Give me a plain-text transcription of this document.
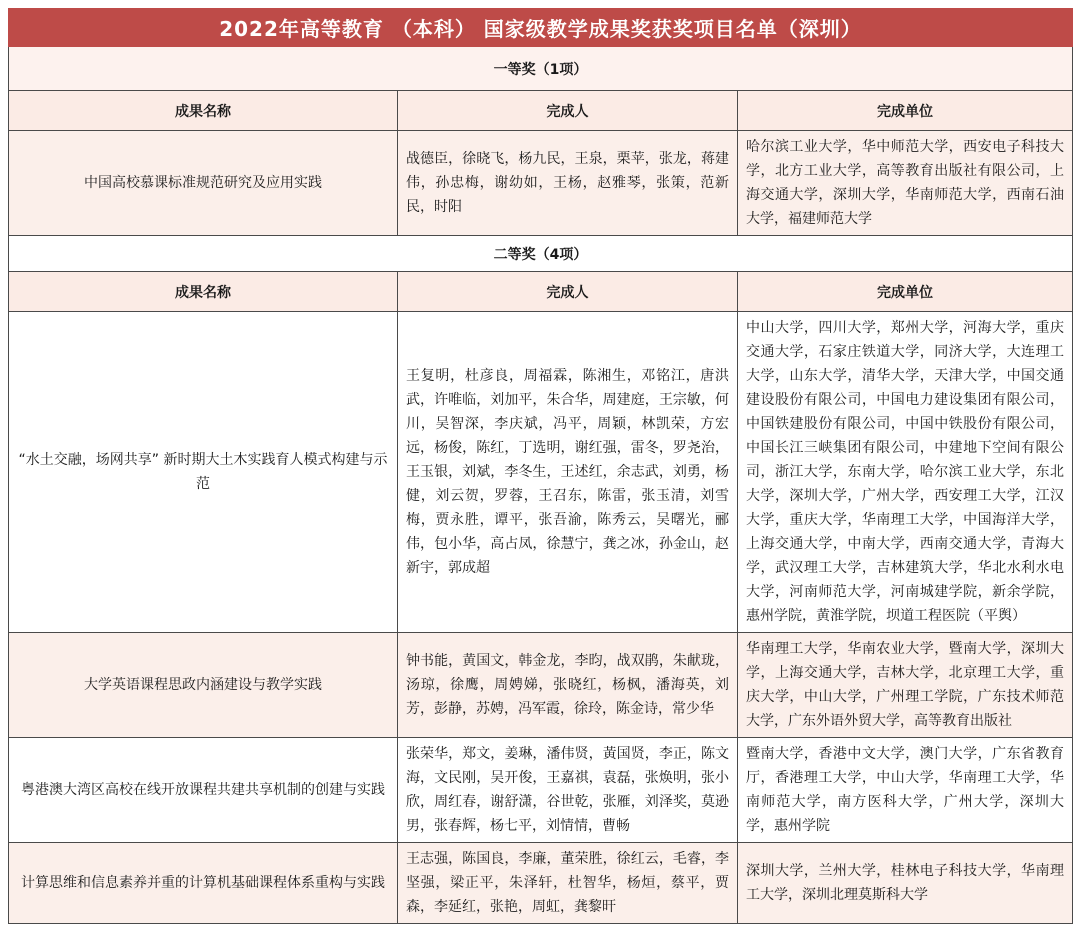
2022年高等教育 （本科） 国家级教学成果奖获奖项目名单（深圳）		
一等奖（1项）		
成果名称	完成人	完成单位
中国高校慕课标准规范研究及应用实践	战德臣，徐晓飞，杨九民，王泉，栗苹，张龙，蒋建伟，孙忠梅，谢幼如，王杨，赵雅琴，张策，范新民，时阳	哈尔滨工业大学，华中师范大学，西安电子科技大学，北方工业大学，高等教育出版社有限公司，上海交通大学，深圳大学，华南师范大学，西南石油大学，福建师范大学
二等奖（4项）		
成果名称	完成人	完成单位
“水土交融，场网共享” 新时期大土木实践育人模式构建与示范	王复明，杜彦良，周福霖，陈湘生，邓铭江，唐洪武，许唯临，刘加平，朱合华，周建庭，王宗敏，何川，吴智深，李庆斌，冯平，周颖，林凯荣，方宏远，杨俊，陈红，丁选明，谢红强，雷冬，罗尧治，王玉银，刘斌，李冬生，王述红，余志武，刘勇，杨健，刘云贺，罗蓉，王召东，陈雷，张玉清，刘雪梅，贾永胜，谭平，张吾渝，陈秀云，吴曙光，郦伟，包小华，高占凤，徐慧宁，龚之冰，孙金山，赵新宇，郭成超	中山大学，四川大学，郑州大学，河海大学，重庆交通大学，石家庄铁道大学，同济大学，大连理工大学，山东大学，清华大学，天津大学，中国交通建设股份有限公司，中国电力建设集团有限公司，中国铁建股份有限公司，中国中铁股份有限公司，中国长江三峡集团有限公司，中建地下空间有限公司，浙江大学，东南大学，哈尔滨工业大学，东北大学，深圳大学，广州大学，西安理工大学，江汉大学，重庆大学，华南理工大学，中国海洋大学，上海交通大学，中南大学，西南交通大学，青海大学，武汉理工大学，吉林建筑大学，华北水利水电大学，河南师范大学，河南城建学院，新余学院，惠州学院，黄淮学院，坝道工程医院（平舆）
大学英语课程思政内涵建设与教学实践	钟书能，黄国文，韩金龙，李昀，战双鹃，朱献珑，汤琼，徐鹰，周娉娣，张晓红，杨枫，潘海英，刘芳，彭静，苏娉，冯军霞，徐玲，陈金诗，常少华	华南理工大学，华南农业大学，暨南大学，深圳大学，上海交通大学，吉林大学，北京理工大学，重庆大学，中山大学，广州理工学院，广东技术师范大学，广东外语外贸大学，高等教育出版社
粤港澳大湾区高校在线开放课程共建共享机制的创建与实践	张荣华，郑文，姜琳，潘伟贤，黃国贤，李正，陈文海，文民刚，吴开俊，王嘉祺，袁磊，张焕明，张小欣，周红春，谢舒潇，谷世乾，张雁，刘泽奖，莫逊男，张春辉，杨七平，刘情情，曹畅	暨南大学，香港中文大学，澳门大学，广东省教育厅，香港理工大学，中山大学，华南理工大学，华南师范大学，南方医科大学，广州大学，深圳大学，惠州学院
计算思维和信息素养并重的计算机基础课程体系重构与实践	王志强，陈国良，李廉，董荣胜，徐红云，毛睿，李坚强，梁正平，朱泽轩，杜智华，杨烜，蔡平，贾森，李延红，张艳，周虹，龚黎旰	深圳大学，兰州大学，桂林电子科技大学，华南理工大学，深圳北理莫斯科大学
